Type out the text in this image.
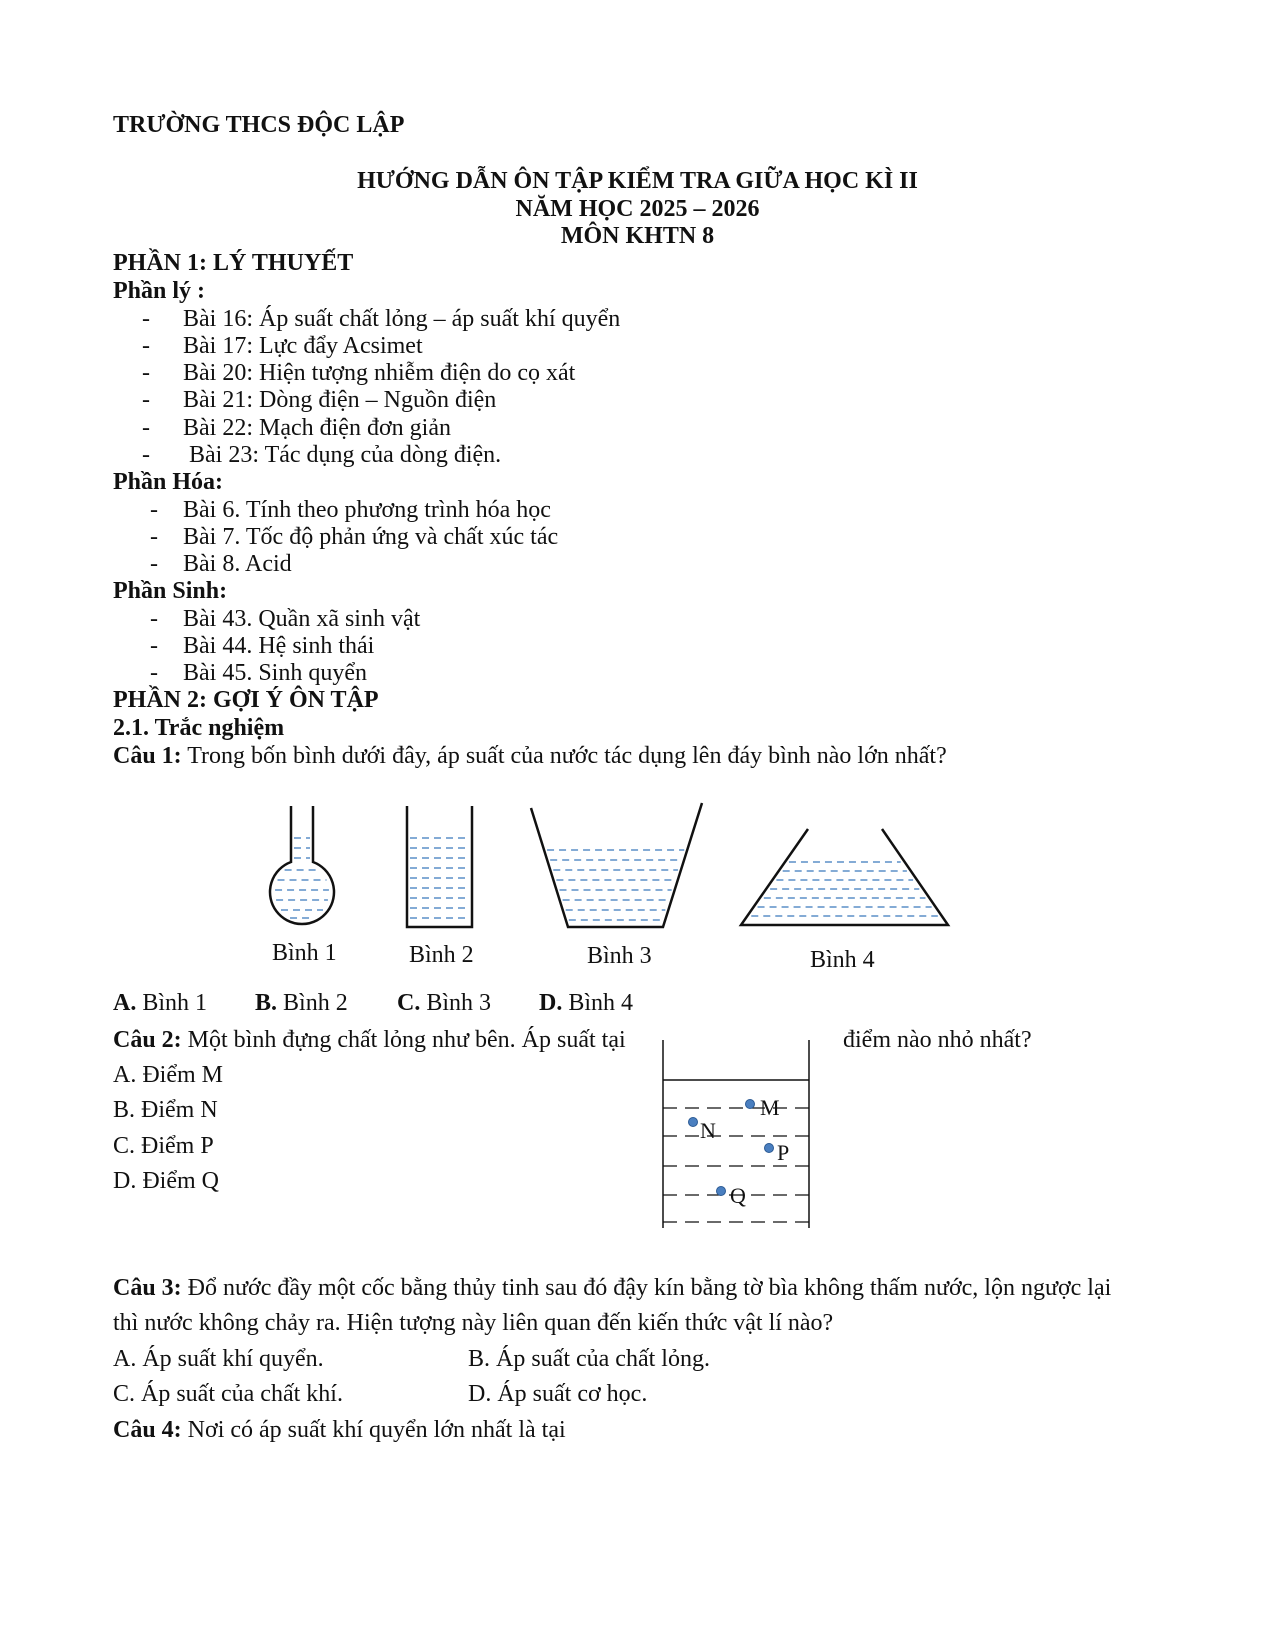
TRƯỜNG THCS ĐỘC LẬP
HƯỚNG DẪN ÔN TẬP KIỂM TRA GIỮA HỌC KÌ II
NĂM HỌC 2025 – 2026
MÔN KHTN 8
PHẦN 1: LÝ THUYẾT
Phần lý :
- Bài 16: Áp suất chất lỏng – áp suất khí quyển
- Bài 17: Lực đẩy Acsimet
- Bài 20: Hiện tượng nhiễm điện do cọ xát
- Bài 21: Dòng điện – Nguồn điện
- Bài 22: Mạch điện đơn giản
- Bài 23: Tác dụng của dòng điện.
Phần Hóa:
- Bài 6. Tính theo phương trình hóa học
- Bài 7. Tốc độ phản ứng và chất xúc tác
- Bài 8. Acid
Phần Sinh:
- Bài 43. Quần xã sinh vật
- Bài 44. Hệ sinh thái
- Bài 45. Sinh quyển
PHẦN 2: GỢI Ý ÔN TẬP
2.1. Trắc nghiệm
Câu 1: Trong bốn bình dưới đây, áp suất của nước tác dụng lên đáy bình nào lớn nhất?
Bình 1	Bình 2	Bình 3	Bình 4
A. Bình 1 B. Bình 2 C. Bình 3 D. Bình 4
Câu 2: Một bình đựng chất lỏng như bên. Áp suất tại	điểm nào nhỏ nhất?
M
N
P
Q
A. Điểm M
B. Điểm N
C. Điểm P
D. Điểm Q
Câu 3: Đổ nước đầy một cốc bằng thủy tinh sau đó đậy kín bằng tờ bìa không thấm nước, lộn ngược lại
thì nước không chảy ra. Hiện tượng này liên quan đến kiến thức vật lí nào?
A. Áp suất khí quyển.	B. Áp suất của chất lỏng.
C. Áp suất của chất khí.	D. Áp suất cơ học.
Câu 4: Nơi có áp suất khí quyển lớn nhất là tại
